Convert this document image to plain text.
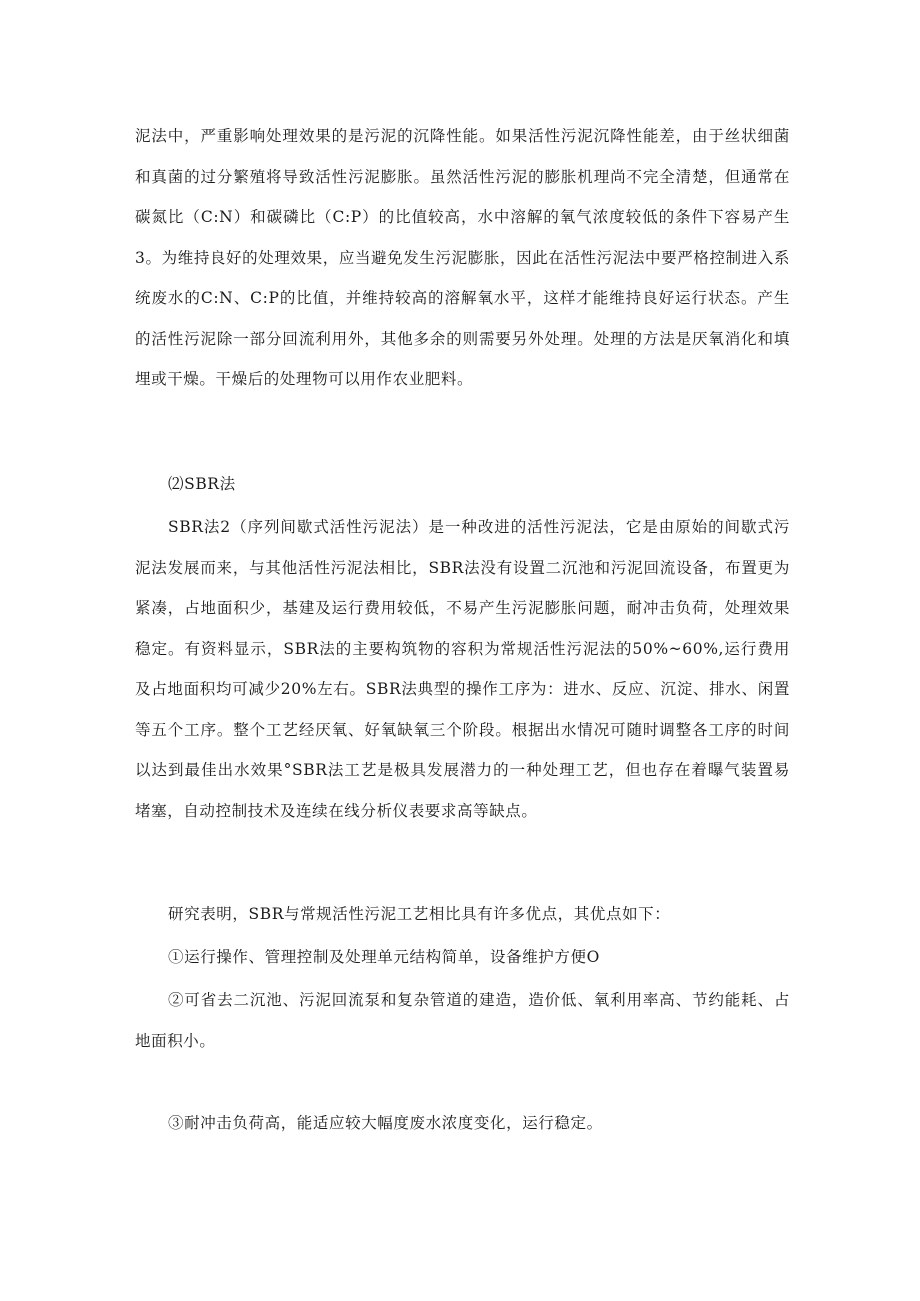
泥法中，严重影响处理效果的是污泥的沉降性能。如果活性污泥沉降性能差，由于丝状细菌和真菌的过分繁殖将导致活性污泥膨胀。虽然活性污泥的膨胀机理尚不完全清楚，但通常在碳氮比（C:N）和碳磷比（C:P）的比值较高，水中溶解的氧气浓度较低的条件下容易产生3。为维持良好的处理效果，应当避免发生污泥膨胀，因此在活性污泥法中要严格控制进入系统废水的C:N、C:P的比值，并维持较高的溶解氧水平，这样才能维持良好运行状态。产生的活性污泥除一部分回流利用外，其他多余的则需要另外处理。处理的方法是厌氧消化和填埋或干燥。干燥后的处理物可以用作农业肥料。

⑵SBR法

SBR法2（序列间歇式活性污泥法）是一种改进的活性污泥法，它是由原始的间歇式污泥法发展而来，与其他活性污泥法相比，SBR法没有设置二沉池和污泥回流设备，布置更为紧凑，占地面积少，基建及运行费用较低，不易产生污泥膨胀问题，耐冲击负荷，处理效果稳定。有资料显示，SBR法的主要构筑物的容积为常规活性污泥法的50%~60%,运行费用及占地面积均可减少20%左右。SBR法典型的操作工序为：进水、反应、沉淀、排水、闲置等五个工序。整个工艺经厌氧、好氧缺氧三个阶段。根据出水情况可随时调整各工序的时间以达到最佳出水效果°SBR法工艺是极具发展潜力的一种处理工艺，但也存在着曝气装置易堵塞，自动控制技术及连续在线分析仪表要求高等缺点。

研究表明，SBR与常规活性污泥工艺相比具有许多优点，其优点如下：

①运行操作、管理控制及处理单元结构简单，设备维护方便O

②可省去二沉池、污泥回流泵和复杂管道的建造，造价低、氧利用率高、节约能耗、占地面积小。

③耐冲击负荷高，能适应较大幅度废水浓度变化，运行稳定。
